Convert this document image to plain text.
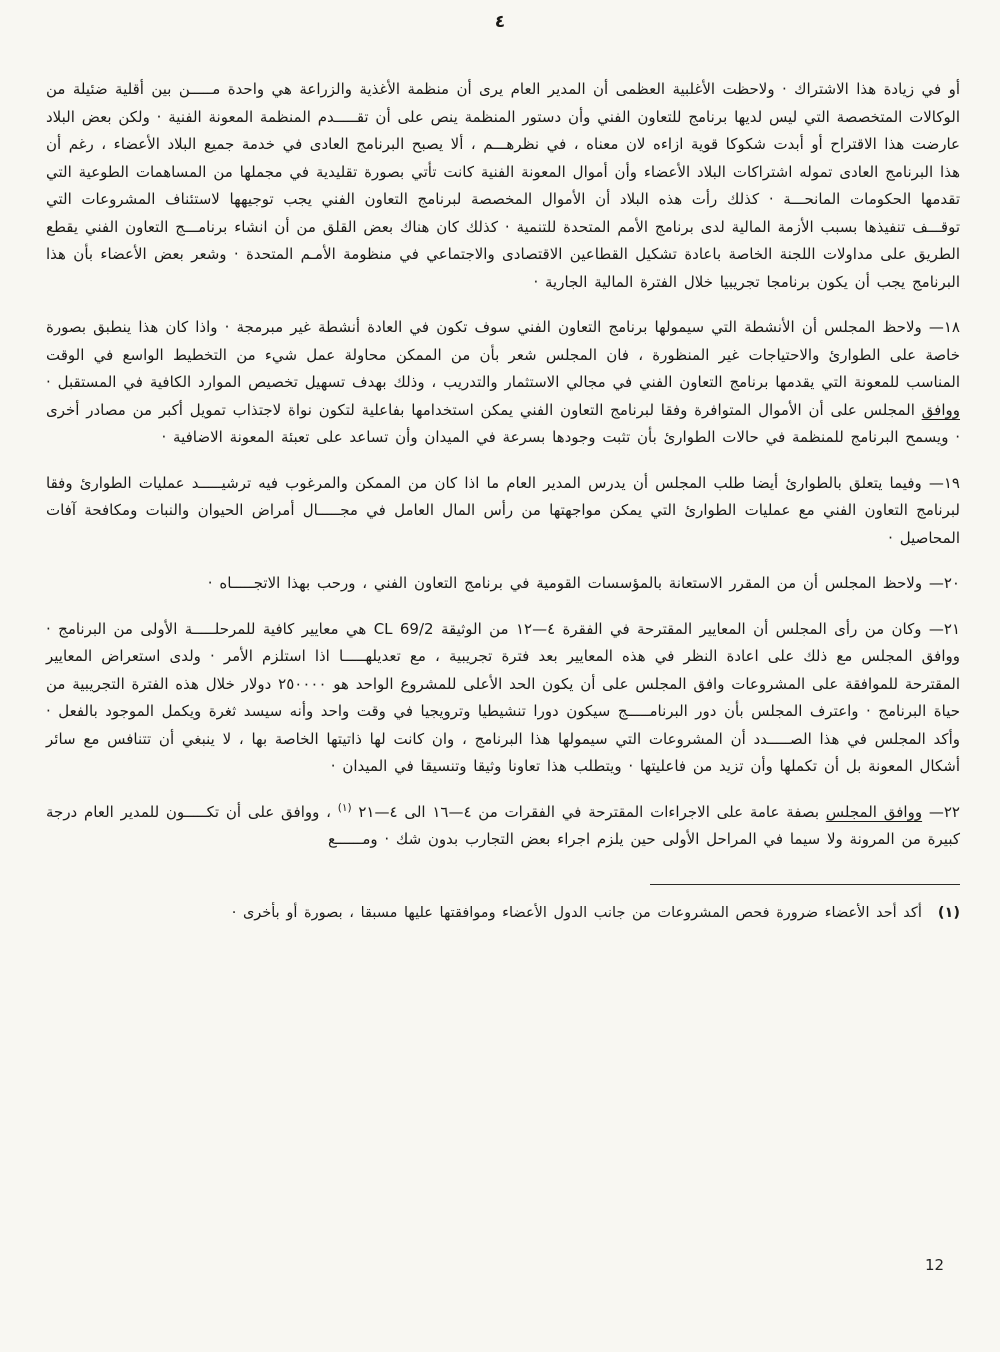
٤

أو في زيادة هذا الاشتراك · ولاحظت الأغلبية العظمى أن المدير العام يرى أن منظمة الأغذية والزراعة هي واحدة مـــــن بين أقلية ضئيلة من الوكالات المتخصصة التي ليس لديها برنامج للتعاون الفني وأن دستور المنظمة ينص على أن تقـــــدم المنظمة المعونة الفنية · ولكن بعض البلاد عارضت هذا الاقتراح أو أبدت شكوكا قوية ازاءه لان معناه ، في نظرهـــم ، ألا يصبح البرنامج العادى في خدمة جميع البلاد الأعضاء ، رغم أن هذا البرنامج العادى تموله اشتراكات البلاد الأعضاء وأن أموال المعونة الفنية كانت تأتي بصورة تقليدية في مجملها من المساهمات الطوعية التي تقدمها الحكومات المانحـــة · كذلك رأت هذه البلاد أن الأموال المخصصة لبرنامج التعاون الفني يجب توجيهها لاستئناف المشروعات التي توقـــف تنفيذها بسبب الأزمة المالية لدى برنامج الأمم المتحدة للتنمية · كذلك كان هناك بعض القلق من أن انشاء برنامـــج التعاون الفني يقطع الطريق على مداولات اللجنة الخاصة باعادة تشكيل القطاعين الاقتصادى والاجتماعي في منظومة الأمـم المتحدة · وشعر بعض الأعضاء بأن هذا البرنامج يجب أن يكون برنامجا تجريبيا خلال الفترة المالية الجارية ·

١٨— ولاحظ المجلس أن الأنشطة التي سيمولها برنامج التعاون الفني سوف تكون في العادة أنشطة غير مبرمجة · واذا كان هذا ينطبق بصورة خاصة على الطوارئ والاحتياجات غير المنظورة ، فان المجلس شعر بأن من الممكن محاولة عمل شيء من التخطيط الواسع في الوقت المناسب للمعونة التي يقدمها برنامج التعاون الفني في مجالي الاستثمار والتدريب ، وذلك بهدف تسهيل تخصيص الموارد الكافية في المستقبل · ووافق المجلس على أن الأموال المتوافرة وفقا لبرنامج التعاون الفني يمكن استخدامها بفاعلية لتكون نواة لاجتذاب تمويل أكبر من مصادر أخرى · ويسمح البرنامج للمنظمة في حالات الطوارئ بأن تثبت وجودها بسرعة في الميدان وأن تساعد على تعبئة المعونة الاضافية ·

١٩— وفيما يتعلق بالطوارئ أيضا طلب المجلس أن يدرس المدير العام ما اذا كان من الممكن والمرغوب فيه ترشيـــــد عمليات الطوارئ وفقا لبرنامج التعاون الفني مع عمليات الطوارئ التي يمكن مواجهتها من رأس المال العامل في مجـــــال أمراض الحيوان والنبات ومكافحة آفات المحاصيل ·

٢٠— ولاحظ المجلس أن من المقرر الاستعانة بالمؤسسات القومية في برنامج التعاون الفني ، ورحب بهذا الاتجـــــاه ·

٢١— وكان من رأى المجلس أن المعايير المقترحة في الفقرة ٤—١٢ من الوثيقة CL 69/2 هي معايير كافية للمرحلـــــة الأولى من البرنامج · ووافق المجلس مع ذلك على اعادة النظر في هذه المعايير بعد فترة تجريبية ، مع تعديلهـــــا اذا استلزم الأمر · ولدى استعراض المعايير المقترحة للموافقة على المشروعات وافق المجلس على أن يكون الحد الأعلى للمشروع الواحد هو ٢٥٠٠٠٠ دولار خلال هذه الفترة التجريبية من حياة البرنامج · واعترف المجلس بأن دور البرنامـــــج سيكون دورا تنشيطيا وترويجيا في وقت واحد وأنه سيسد ثغرة ويكمل الموجود بالفعل · وأكد المجلس في هذا الصـــــدد أن المشروعات التي سيمولها هذا البرنامج ، وان كانت لها ذاتيتها الخاصة بها ، لا ينبغي أن تتنافس مع سائر أشكال المعونة بل أن تكملها وأن تزيد من فاعليتها · ويتطلب هذا تعاونا وثيقا وتنسيقا في الميدان ·

٢٢— ووافق المجلس بصفة عامة على الاجراءات المقترحة في الفقرات من ٤—١٦ الى ٤—٢١ $^{(١)}$ ، ووافق على أن تكـــــون للمدير العام درجة كبيرة من المرونة ولا سيما في المراحل الأولى حين يلزم اجراء بعض التجارب بدون شك · ومــــــع

(١)
أكد أحد الأعضاء ضرورة فحص المشروعات من جانب الدول الأعضاء وموافقتها عليها مسبقا ، بصورة أو بأخرى ·
12
